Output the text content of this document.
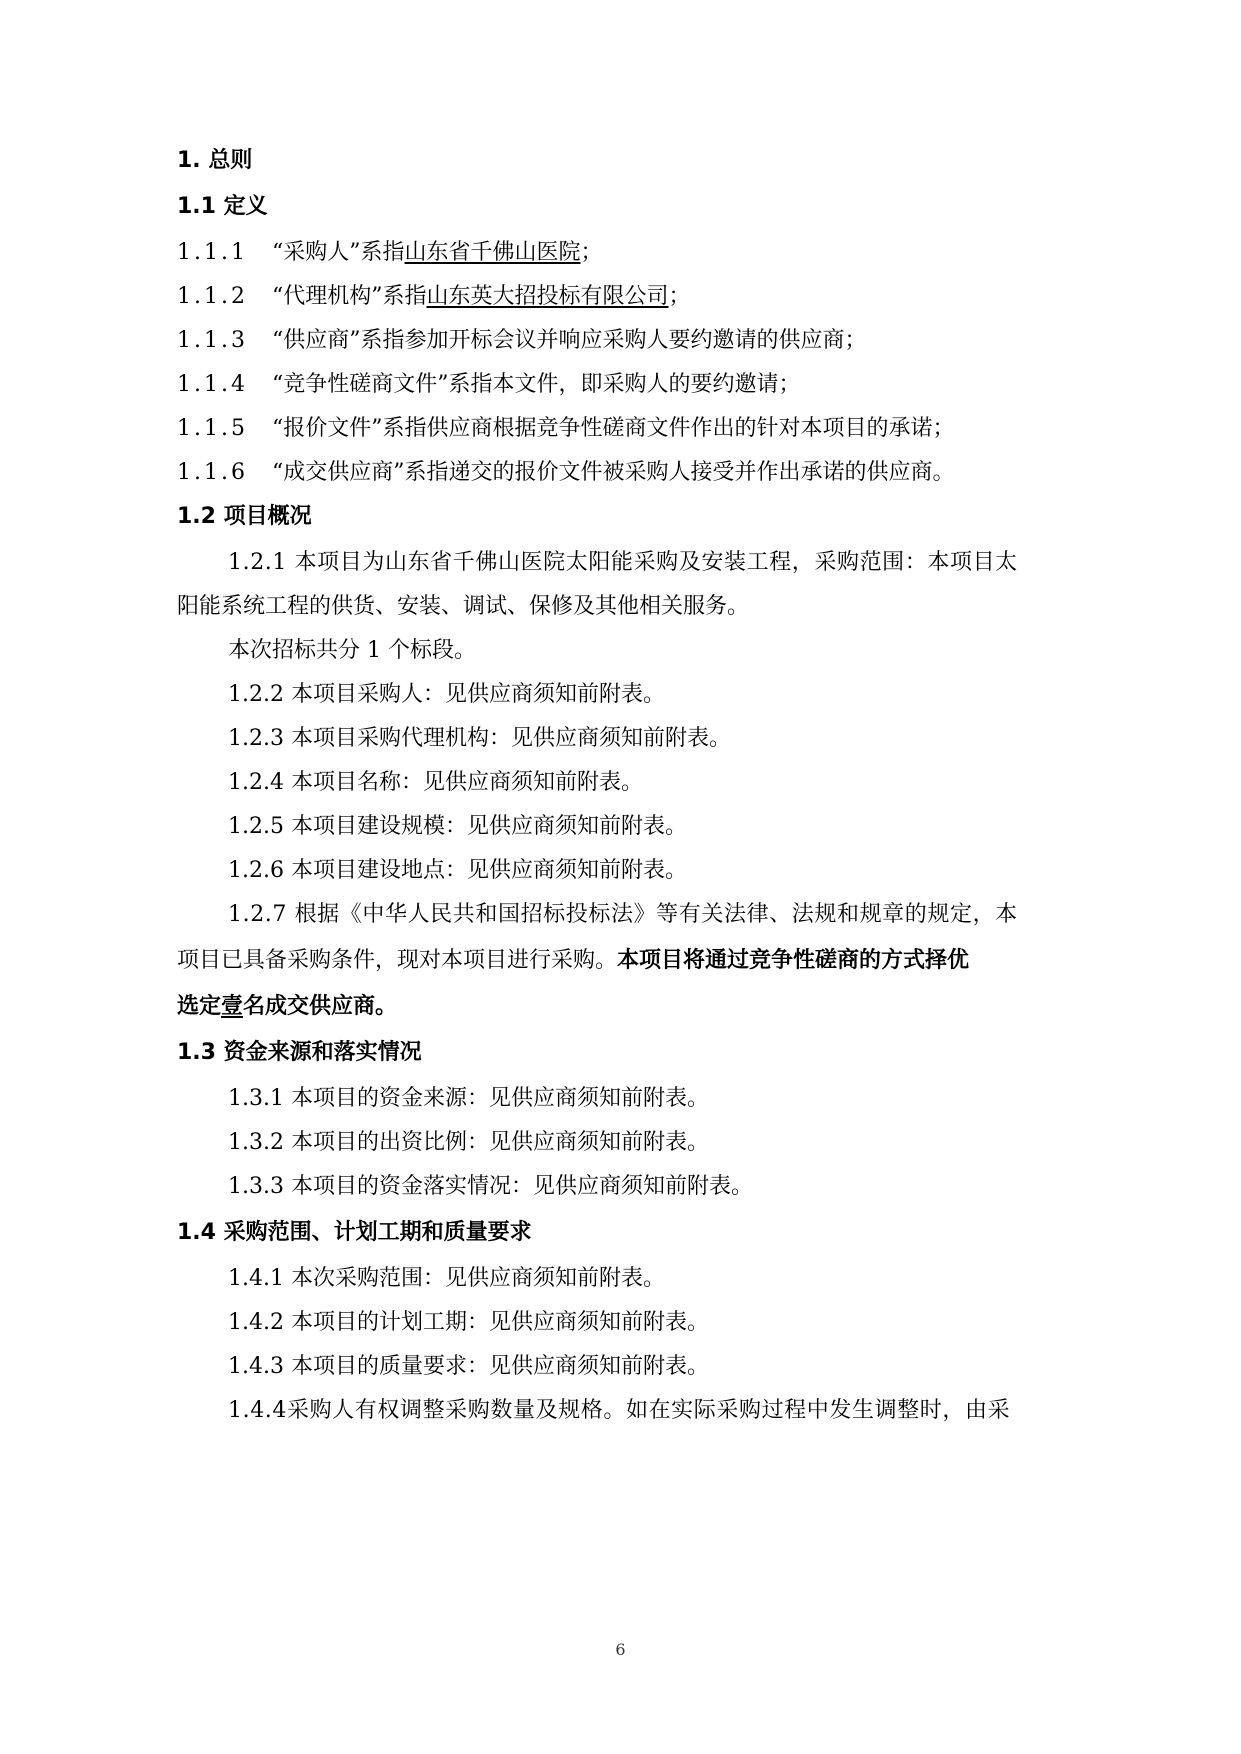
1. 总则
1.1 定义
1.1.1 “采购人”系指山东省千佛山医院；
1.1.2 “代理机构”系指山东英大招投标有限公司；
1.1.3 “供应商”系指参加开标会议并响应采购人要约邀请的供应商；
1.1.4 “竞争性磋商文件”系指本文件，即采购人的要约邀请；
1.1.5 “报价文件”系指供应商根据竞争性磋商文件作出的针对本项目的承诺；
1.1.6 “成交供应商”系指递交的报价文件被采购人接受并作出承诺的供应商。
1.2 项目概况
1.2.1 本项目为山东省千佛山医院太阳能采购及安装工程，采购范围：本项目太
阳能系统工程的供货、安装、调试、保修及其他相关服务。
本次招标共分 1 个标段。
1.2.2 本项目采购人：见供应商须知前附表。
1.2.3 本项目采购代理机构：见供应商须知前附表。
1.2.4 本项目名称：见供应商须知前附表。
1.2.5 本项目建设规模：见供应商须知前附表。
1.2.6 本项目建设地点：见供应商须知前附表。
1.2.7 根据《中华人民共和国招标投标法》等有关法律、法规和规章的规定，本
项目已具备采购条件，现对本项目进行采购。本项目将通过竞争性磋商的方式择优
选定壹名成交供应商。
1.3 资金来源和落实情况
1.3.1 本项目的资金来源：见供应商须知前附表。
1.3.2 本项目的出资比例：见供应商须知前附表。
1.3.3 本项目的资金落实情况：见供应商须知前附表。
1.4 采购范围、计划工期和质量要求
1.4.1 本次采购范围：见供应商须知前附表。
1.4.2 本项目的计划工期：见供应商须知前附表。
1.4.3 本项目的质量要求：见供应商须知前附表。
1.4.4采购人有权调整采购数量及规格。如在实际采购过程中发生调整时，由采
6
